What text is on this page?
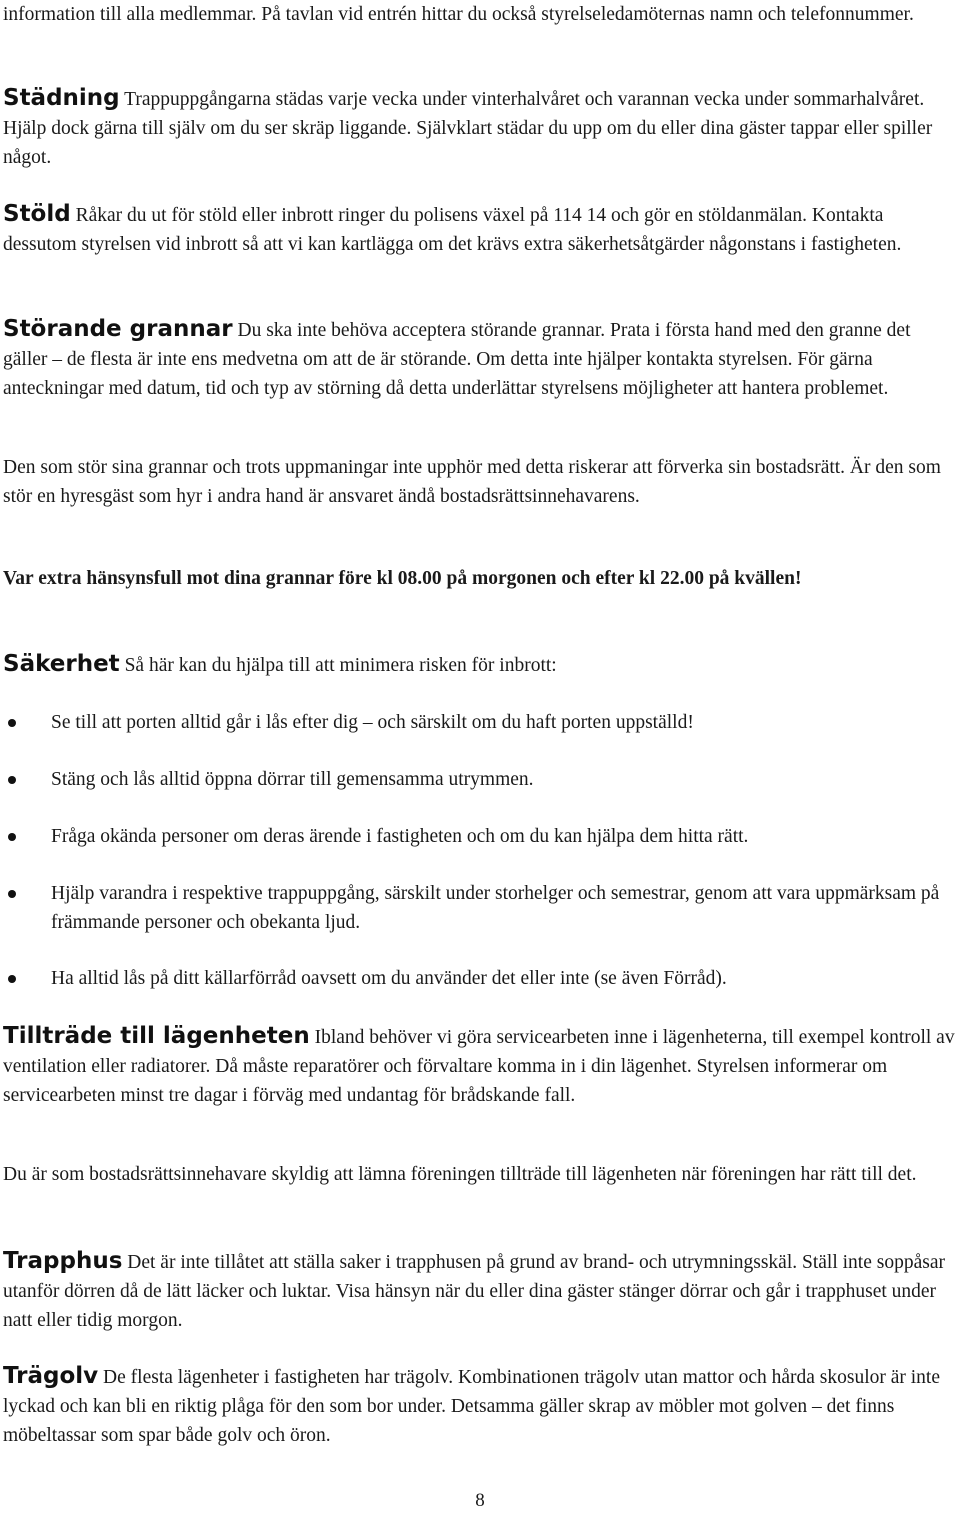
information till alla medlemmar. På tavlan vid entrén hittar du också styrelseledamöternas namn och telefonnummer.

Städning Trappuppgångarna städas varje vecka under vinterhalvåret och varannan vecka under sommarhalvåret. Hjälp dock gärna till själv om du ser skräp liggande. Självklart städar du upp om du eller dina gäster tappar eller spiller något.

Stöld Råkar du ut för stöld eller inbrott ringer du polisens växel på 114 14 och gör en stöldanmälan. Kontakta dessutom styrelsen vid inbrott så att vi kan kartlägga om det krävs extra säkerhetsåtgärder någonstans i fastigheten.

Störande grannar Du ska inte behöva acceptera störande grannar. Prata i första hand med den granne det gäller – de flesta är inte ens medvetna om att de är störande. Om detta inte hjälper kontakta styrelsen. För gärna anteckningar med datum, tid och typ av störning då detta underlättar styrelsens möjligheter att hantera problemet.

Den som stör sina grannar och trots uppmaningar inte upphör med detta riskerar att förverka sin bostadsrätt. Är den som stör en hyresgäst som hyr i andra hand är ansvaret ändå bostadsrättsinnehavarens.

Var extra hänsynsfull mot dina grannar före kl 08.00 på morgonen och efter kl 22.00 på kvällen!

Säkerhet Så här kan du hjälpa till att minimera risken för inbrott:

Se till att porten alltid går i lås efter dig – och särskilt om du haft porten uppställd!
Stäng och lås alltid öppna dörrar till gemensamma utrymmen.
Fråga okända personer om deras ärende i fastigheten och om du kan hjälpa dem hitta rätt.
Hjälp varandra i respektive trappuppgång, särskilt under storhelger och semestrar, genom att vara uppmärksam på främmande personer och obekanta ljud.
Ha alltid lås på ditt källarförråd oavsett om du använder det eller inte (se även Förråd).

Tillträde till lägenheten Ibland behöver vi göra servicearbeten inne i lägenheterna, till exempel kontroll av ventilation eller radiatorer. Då måste reparatörer och förvaltare komma in i din lägenhet. Styrelsen informerar om servicearbeten minst tre dagar i förväg med undantag för brådskande fall.

Du är som bostadsrättsinnehavare skyldig att lämna föreningen tillträde till lägenheten när föreningen har rätt till det.

Trapphus Det är inte tillåtet att ställa saker i trapphusen på grund av brand- och utrymningsskäl. Ställ inte soppåsar utanför dörren då de lätt läcker och luktar. Visa hänsyn när du eller dina gäster stänger dörrar och går i trapphuset under natt eller tidig morgon.

Trägolv De flesta lägenheter i fastigheten har trägolv. Kombinationen trägolv utan mattor och hårda skosulor är inte lyckad och kan bli en riktig plåga för den som bor under. Detsamma gäller skrap av möbler mot golven – det finns möbeltassar som spar både golv och öron.

8
